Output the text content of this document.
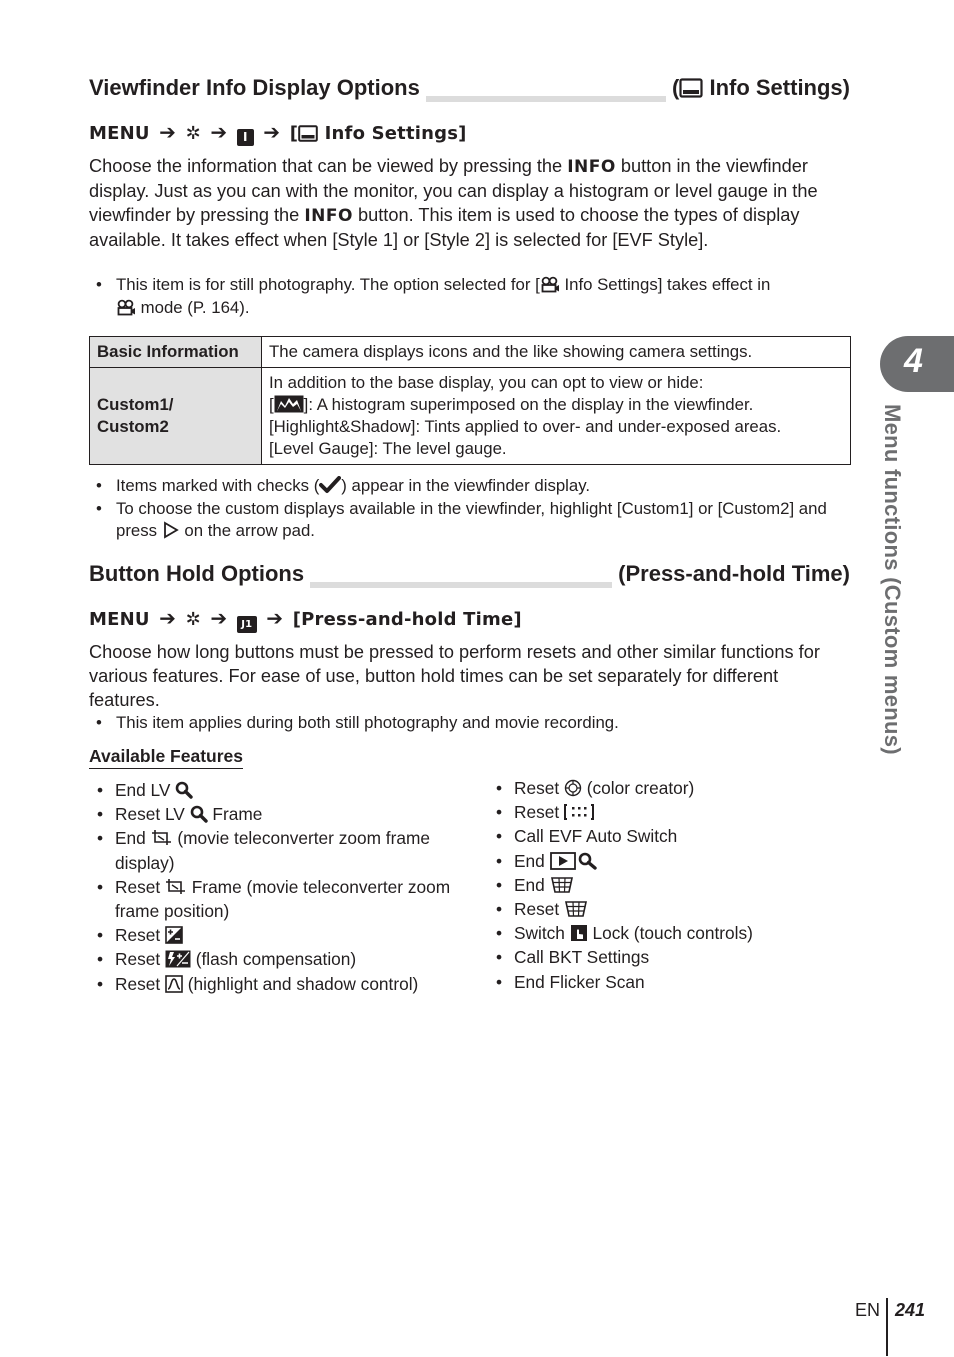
Viewfinder Info Display Options	( Info Settings)
MENU ➔ ✲ ➔ I ➔ [ Info Settings]
Choose the information that can be viewed by pressing the INFO button in the viewfinder display. Just as you can with the monitor, you can display a histogram or level gauge in the viewfinder by pressing the INFO button. This item is used to choose the types of display available. It takes effect when [Style 1] or [Style 2] is selected for [EVF Style].
• This item is for still photography. The option selected for [ Info Settings] takes effect in
mode (P. 164).
Basic Information	The camera displays icons and the like showing camera settings.
Custom1/
Custom2	In addition to the base display, you can opt to view or hide:
[ ]: A histogram superimposed on the display in the viewfinder.
[Highlight&Shadow]: Tints applied to over- and under-exposed areas.
[Level Gauge]: The level gauge.
• Items marked with checks ( ) appear in the viewfinder display.
• To choose the custom displays available in the viewfinder, highlight [Custom1] or [Custom2] and press  on the arrow pad.
Button Hold Options	(Press-and-hold Time)
MENU ➔ ✲ ➔ J1 ➔ [Press-and-hold Time]
Choose how long buttons must be pressed to perform resets and other similar functions for various features. For ease of use, button hold times can be set separately for different features.
• This item applies during both still photography and movie recording.
Available Features
• End LV
• Reset LV  Frame
• End  (movie teleconverter zoom frame display)
• Reset  Frame (movie teleconverter zoom frame position)
• Reset
• Reset  (flash compensation)
• Reset  (highlight and shadow control)
• Reset  (color creator)
• Reset
• Call EVF Auto Switch
• End
• End
• Reset
• Switch  Lock (touch controls)
• Call BKT Settings
• End Flicker Scan
4
Menu functions (Custom menus)
EN 241
